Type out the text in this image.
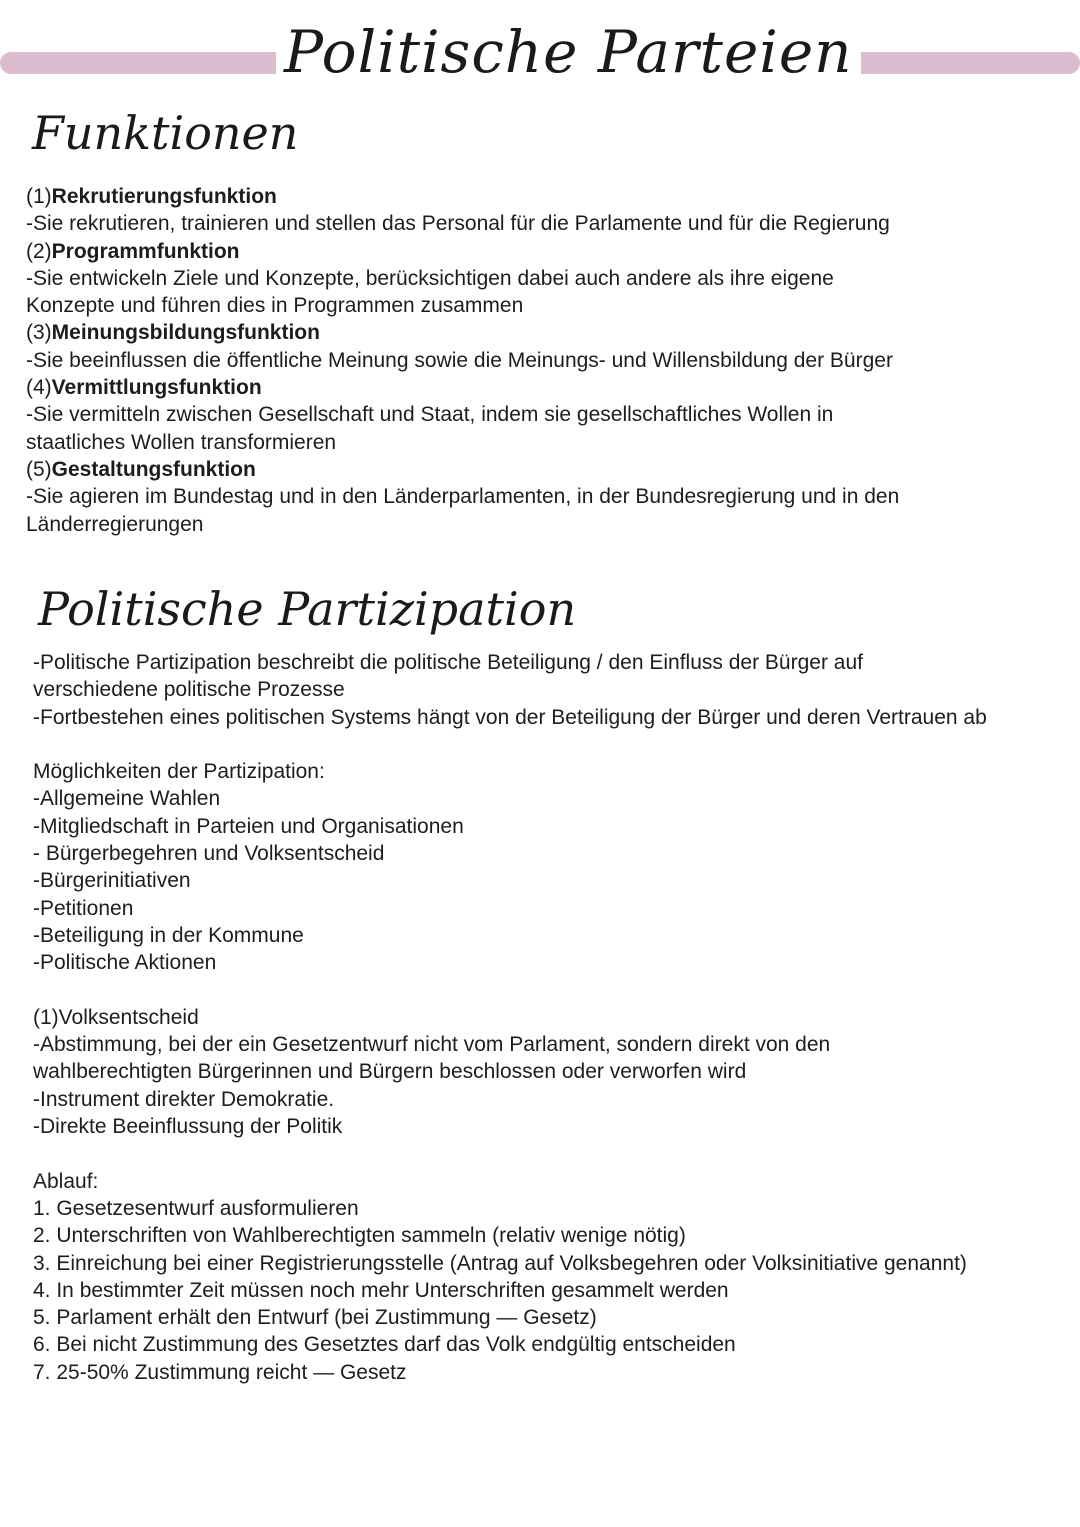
Politische Parteien
Funktionen
(1)Rekrutierungsfunktion
-Sie rekrutieren, trainieren und stellen das Personal für die Parlamente und für die Regierung
(2)Programmfunktion
-Sie entwickeln Ziele und Konzepte, berücksichtigen dabei auch andere als ihre eigene Konzepte und führen dies in Programmen zusammen
(3)Meinungsbildungsfunktion
-Sie beeinflussen die öffentliche Meinung sowie die Meinungs- und Willensbildung der Bürger
(4)Vermittlungsfunktion
-Sie vermitteln zwischen Gesellschaft und Staat, indem sie gesellschaftliches Wollen in staatliches Wollen transformieren
(5)Gestaltungsfunktion
-Sie agieren im Bundestag und in den Länderparlamenten, in der Bundesregierung und in den Länderregierungen
Politische Partizipation
-Politische Partizipation beschreibt die politische Beteiligung / den Einfluss der Bürger auf verschiedene politische Prozesse
-Fortbestehen eines politischen Systems hängt von der Beteiligung der Bürger und deren Vertrauen ab
Möglichkeiten der Partizipation:
-Allgemeine Wahlen
-Mitgliedschaft in Parteien und Organisationen
- Bürgerbegehren und Volksentscheid
-Bürgerinitiativen
-Petitionen
-Beteiligung in der Kommune
-Politische Aktionen
(1)Volksentscheid
-Abstimmung, bei der ein Gesetzentwurf nicht vom Parlament, sondern direkt von den wahlberechtigten Bürgerinnen und Bürgern beschlossen oder verworfen wird
-Instrument direkter Demokratie.
-Direkte Beeinflussung der Politik
Ablauf:
1. Gesetzesentwurf ausformulieren
2. Unterschriften von Wahlberechtigten sammeln (relativ wenige nötig)
3. Einreichung bei einer Registrierungsstelle (Antrag auf Volksbegehren oder Volksinitiative genannt)
4. In bestimmter Zeit müssen noch mehr Unterschriften gesammelt werden
5. Parlament erhält den Entwurf (bei Zustimmung — Gesetz)
6. Bei nicht Zustimmung des Gesetztes darf das Volk endgültig entscheiden
7. 25-50% Zustimmung reicht — Gesetz
